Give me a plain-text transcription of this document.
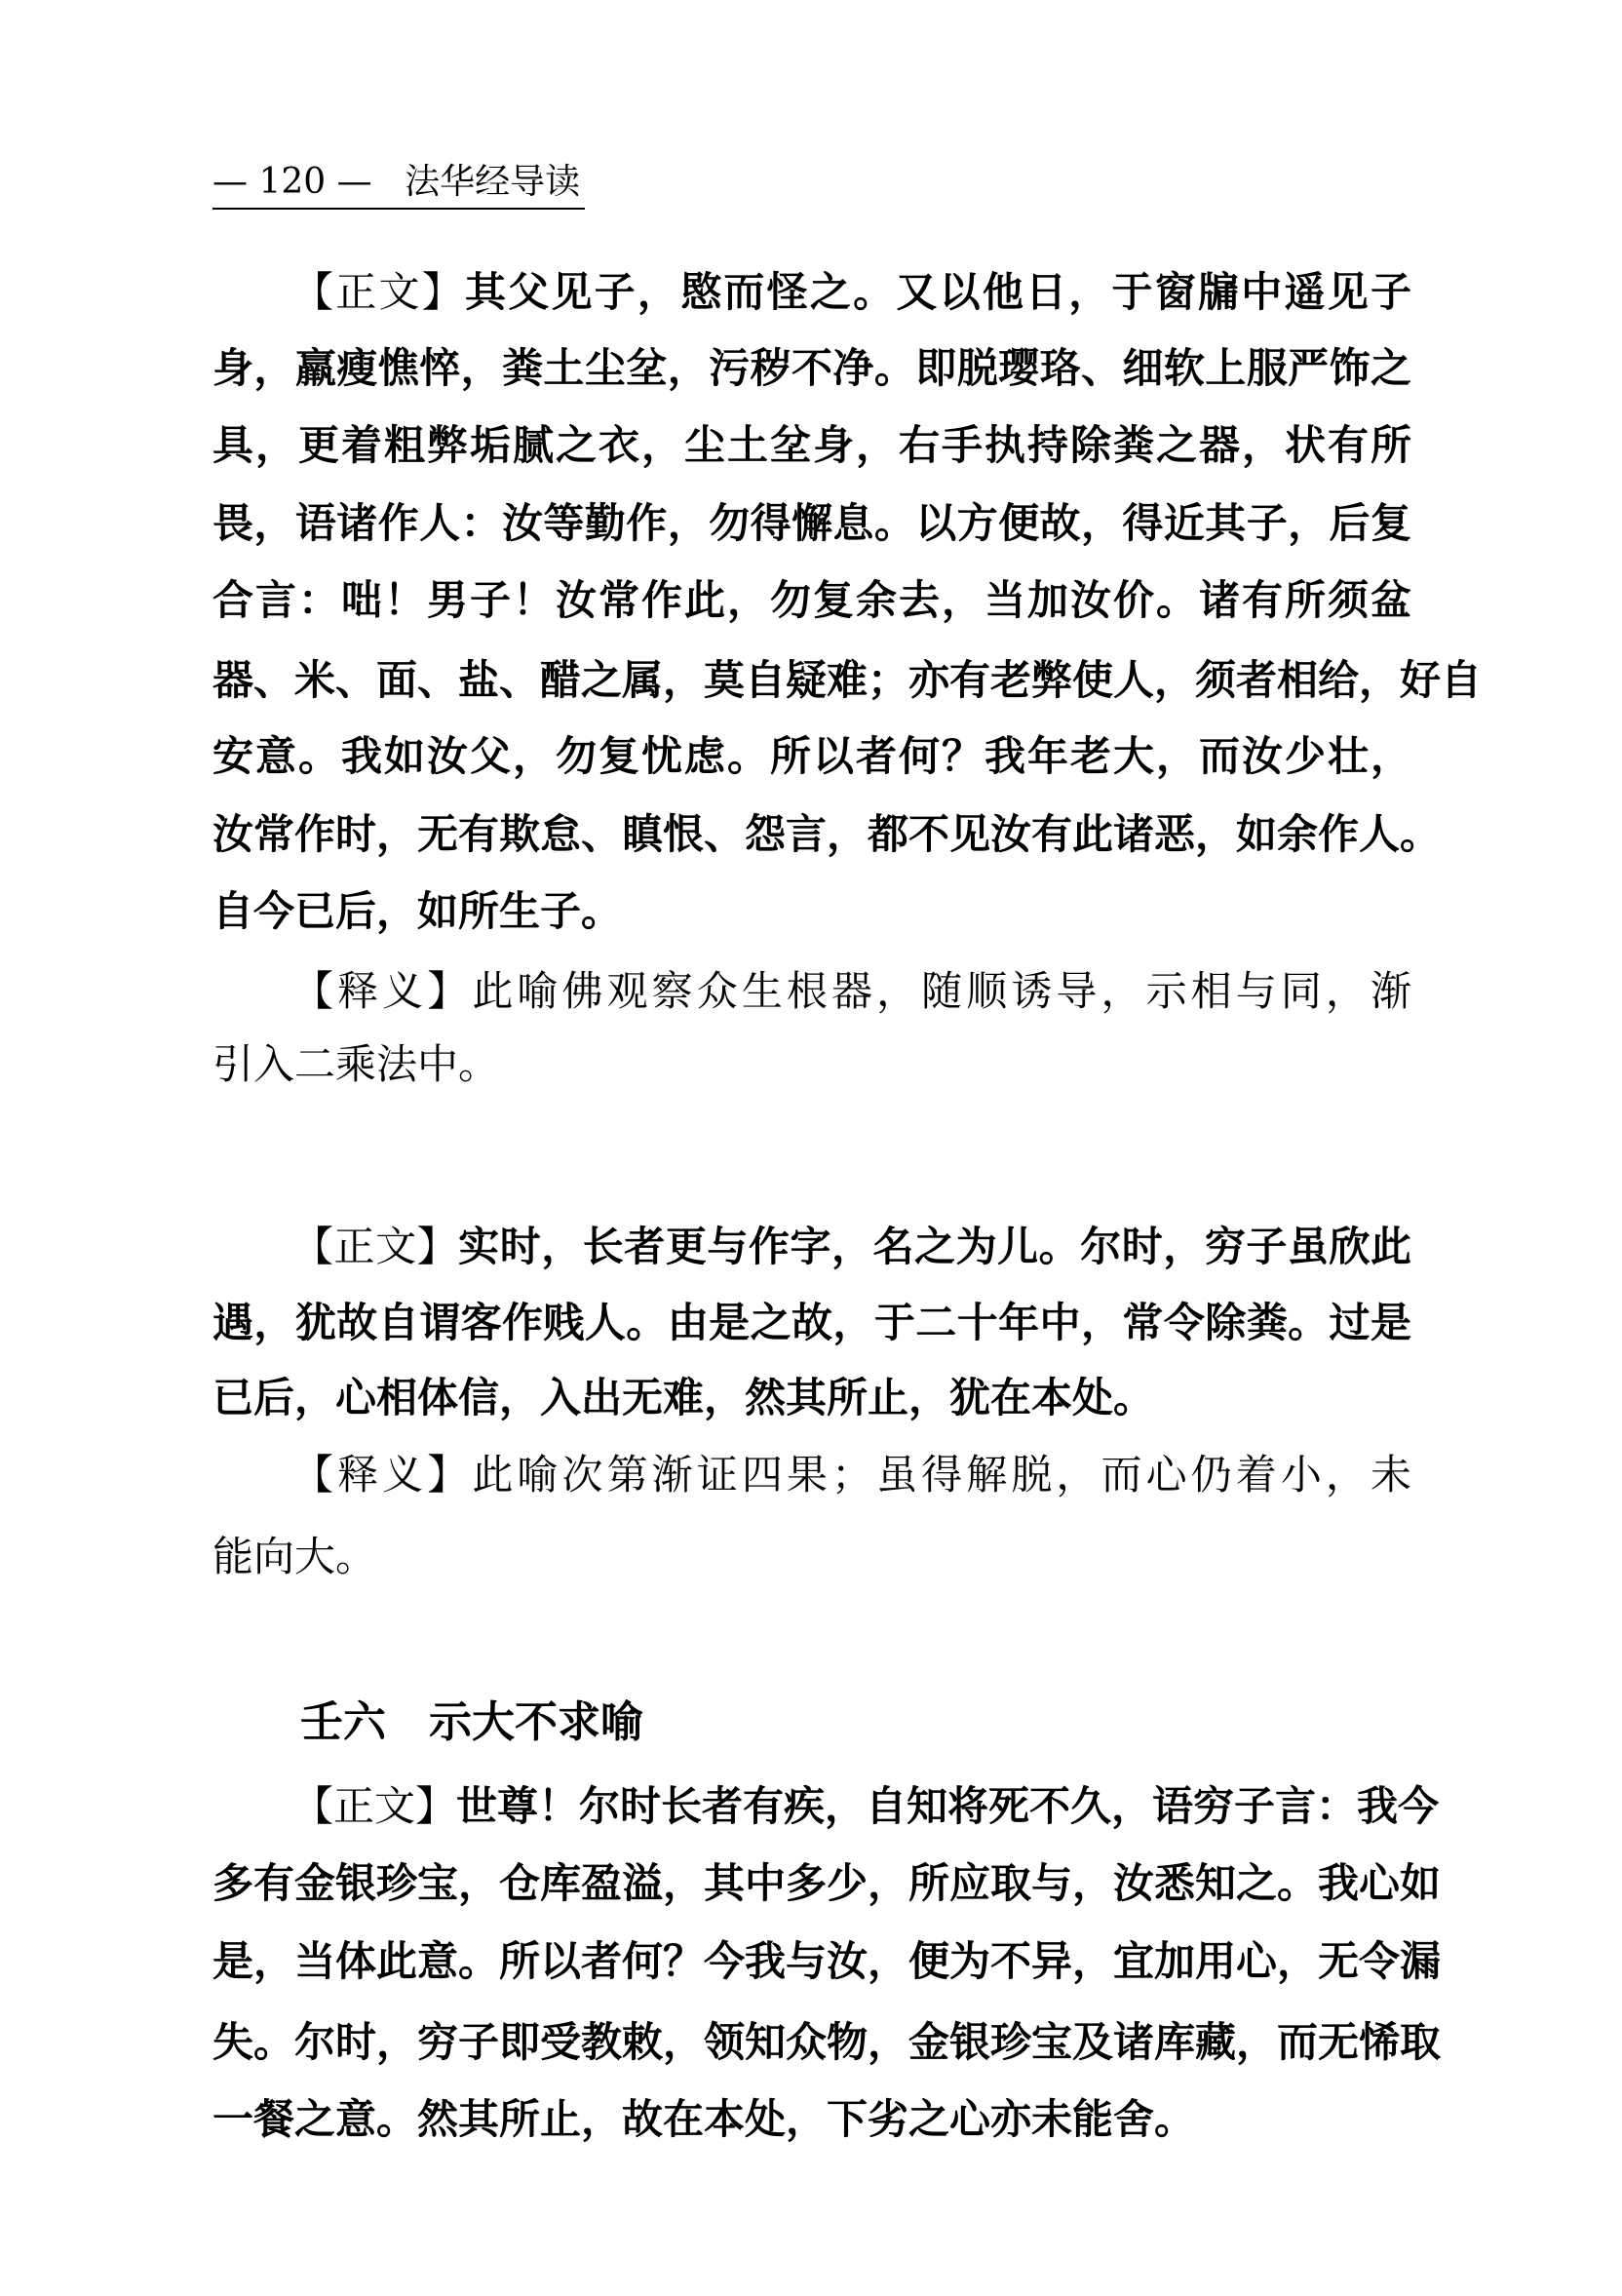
— 120 — 法华经导读
【正文】其父见子，愍而怪之。又以他日，于窗牖中遥见子
身，羸瘦憔悴，粪土尘坌，污秽不净。即脱璎珞、细软上服严饰之
具，更着粗弊垢腻之衣，尘土坌身，右手执持除粪之器，状有所
畏，语诸作人：汝等勤作，勿得懈息。以方便故，得近其子，后复
合言：咄！男子！汝常作此，勿复余去，当加汝价。诸有所须盆
器、米、面、盐、醋之属，莫自疑难；亦有老弊使人，须者相给，好自
安意。我如汝父，勿复忧虑。所以者何？我年老大，而汝少壮，
汝常作时，无有欺怠、瞋恨、怨言，都不见汝有此诸恶，如余作人。
自今已后，如所生子。
【释义】此喻佛观察众生根器，随顺诱导，示相与同，渐
引入二乘法中。
【正文】实时，长者更与作字，名之为儿。尔时，穷子虽欣此
遇，犹故自谓客作贱人。由是之故，于二十年中，常令除粪。过是
已后，心相体信，入出无难，然其所止，犹在本处。
【释义】此喻次第渐证四果；虽得解脱，而心仍着小，未
能向大。
【正文】世尊！尔时长者有疾，自知将死不久，语穷子言：我今
多有金银珍宝，仓库盈溢，其中多少，所应取与，汝悉知之。我心如
是，当体此意。所以者何？今我与汝，便为不异，宜加用心，无令漏
失。尔时，穷子即受教敕，领知众物，金银珍宝及诸库藏，而无悕取
一餐之意。然其所止，故在本处，下劣之心亦未能舍。
壬六　示大不求喻
